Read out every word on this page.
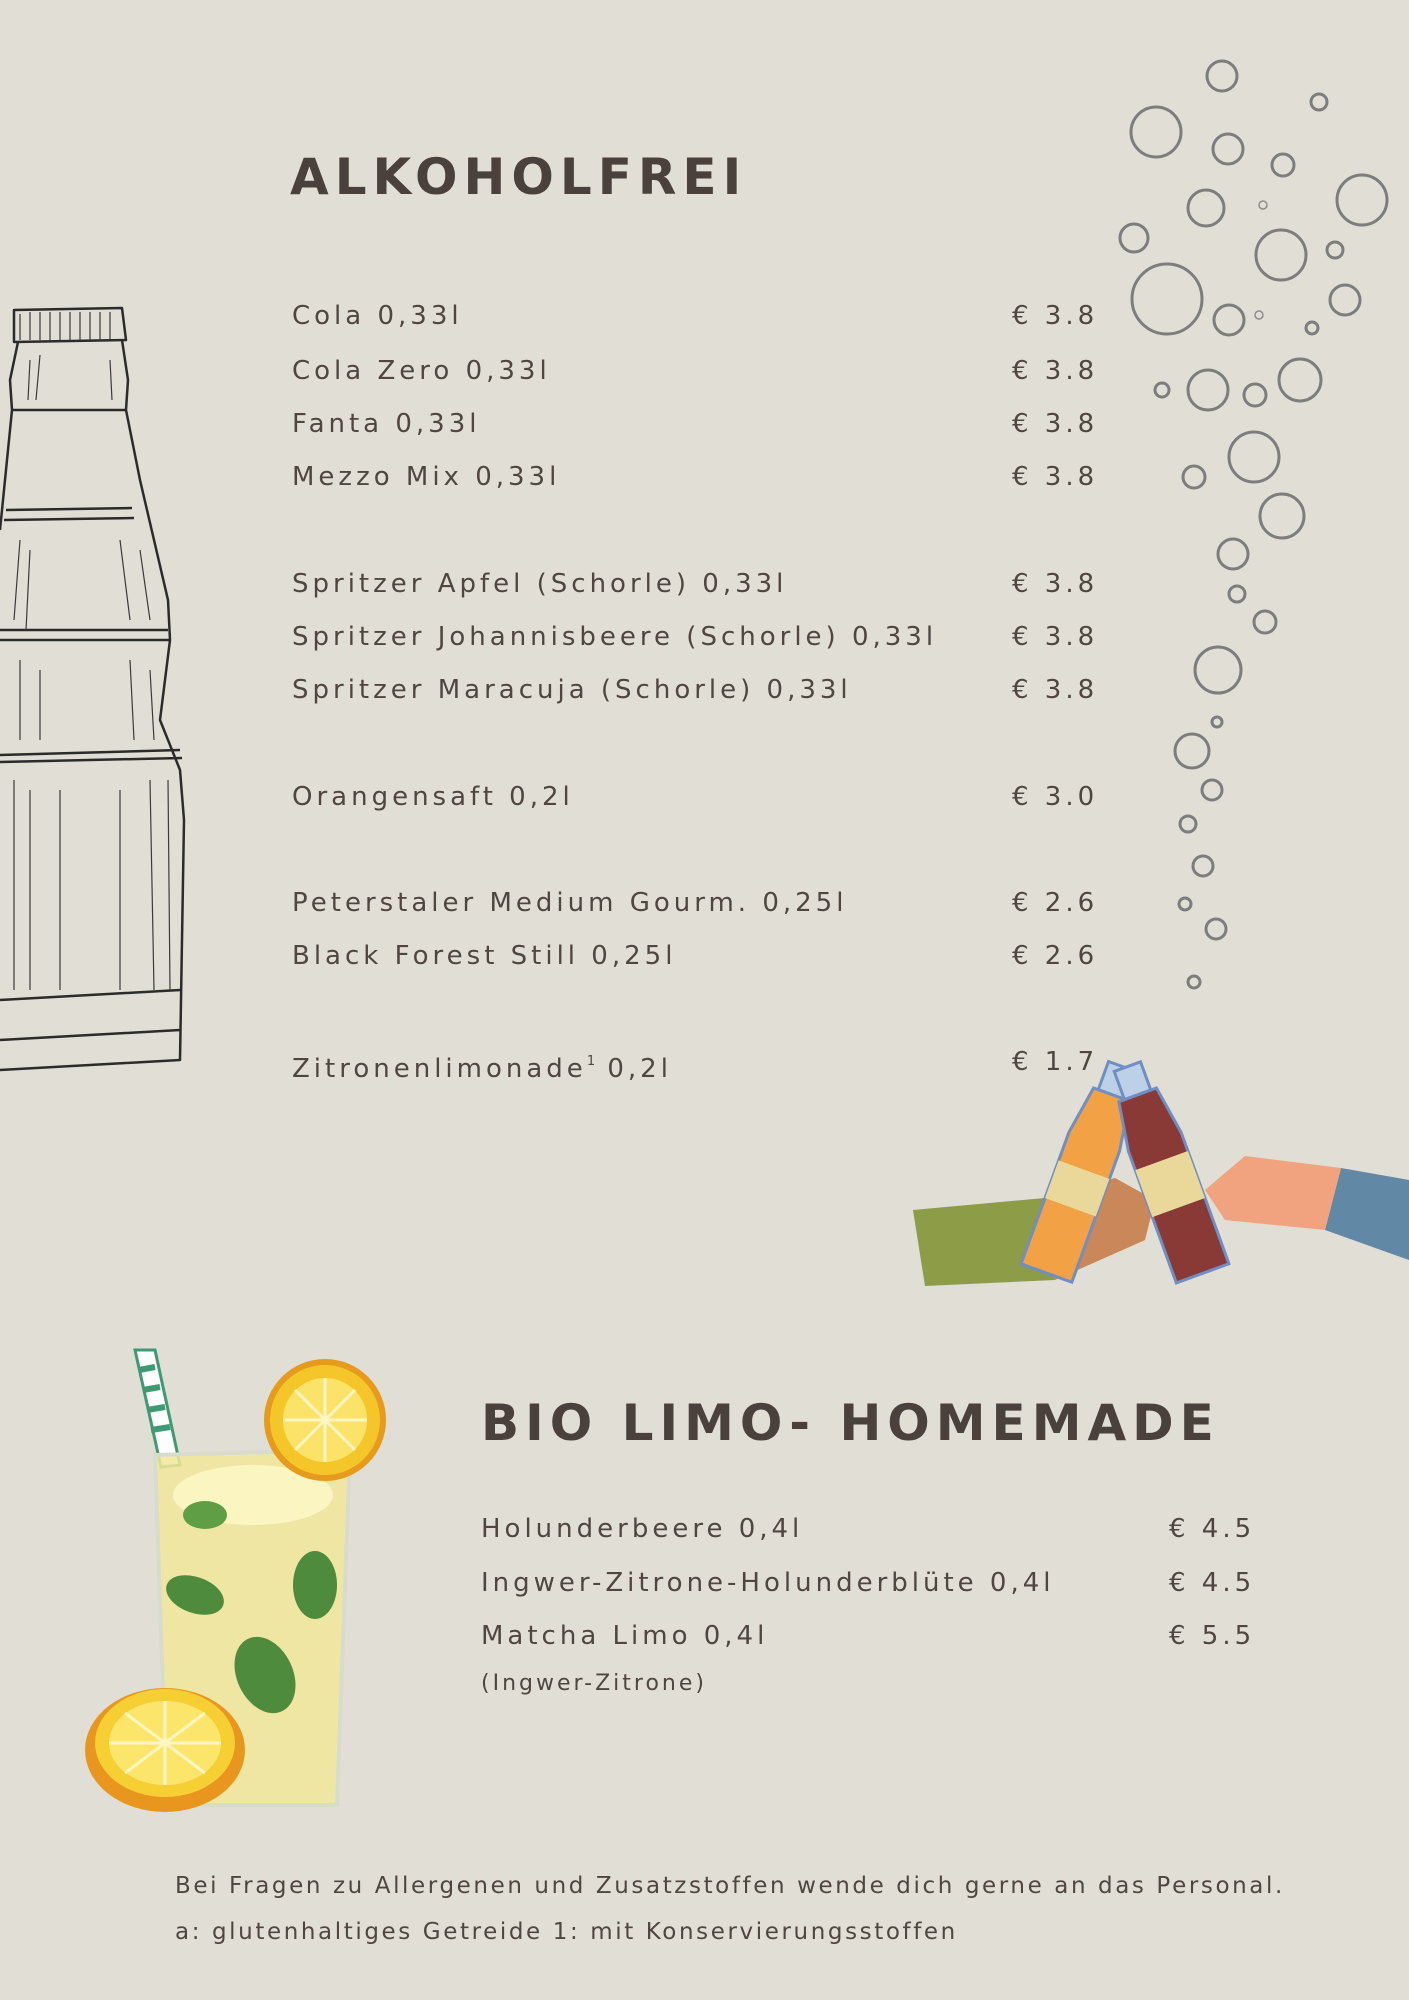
ALKOHOLFREI
Cola 0,33l	€ 3.8
Cola Zero 0,33l	€ 3.8
Fanta 0,33l	€ 3.8
Mezzo Mix 0,33l	€ 3.8
Spritzer Apfel (Schorle) 0,33l	€ 3.8
Spritzer Johannisbeere (Schorle) 0,33l	€ 3.8
Spritzer Maracuja (Schorle) 0,33l	€ 3.8
Orangensaft 0,2l	€ 3.0
Peterstaler Medium Gourm. 0,25l	€ 2.6
Black Forest Still 0,25l	€ 2.6
Zitronenlimonade$^1$ 0,2l	€ 1.7
BIO LIMO- HOMEMADE
Holunderbeere 0,4l	€ 4.5
Ingwer-Zitrone-Holunderblüte 0,4l	€ 4.5
Matcha Limo 0,4l	€ 5.5
(Ingwer-Zitrone)
Bei Fragen zu Allergenen und Zusatzstoffen wende dich gerne an das Personal.
a: glutenhaltiges Getreide 1: mit Konservierungsstoffen
